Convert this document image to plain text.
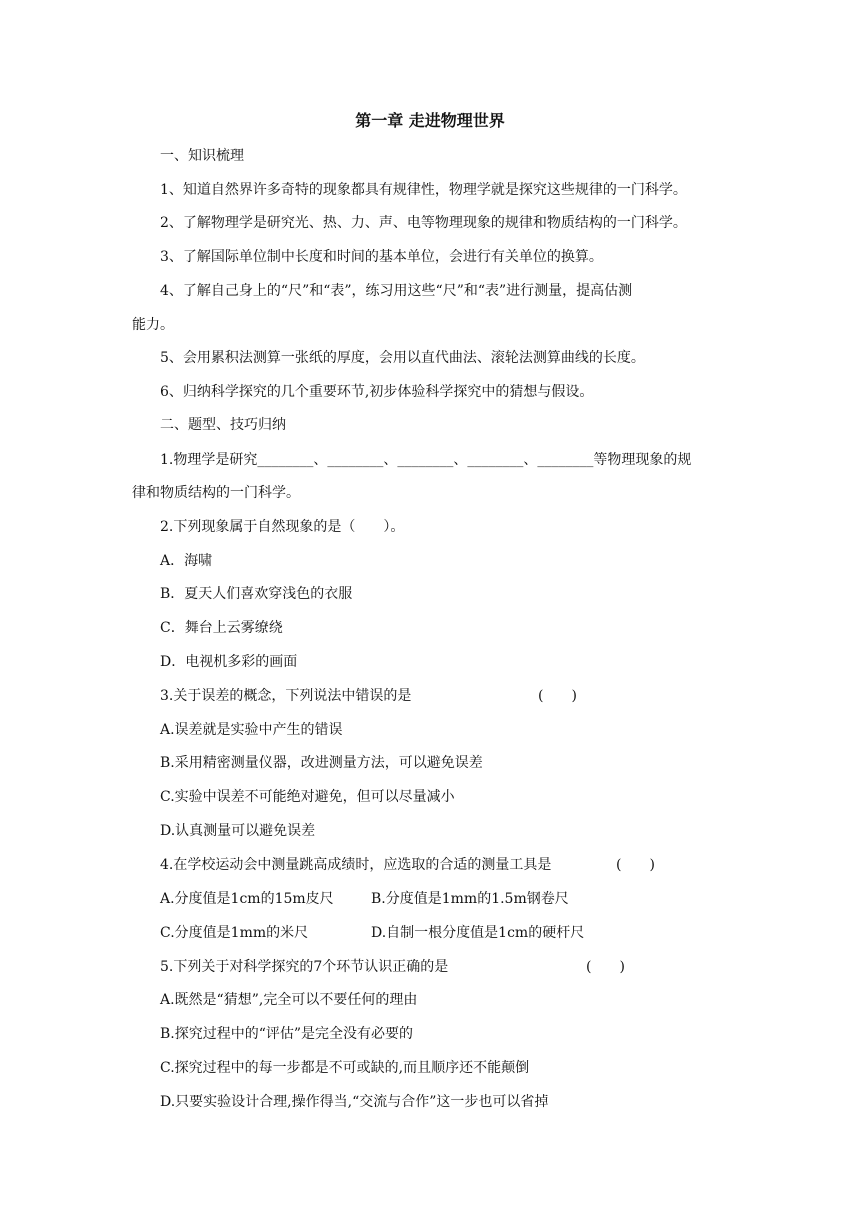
第一章 走进物理世界
一、知识梳理
1、知道自然界许多奇特的现象都具有规律性，物理学就是探究这些规律的一门科学。
2、了解物理学是研究光、热、力、声、电等物理现象的规律和物质结构的一门科学。
3、了解国际单位制中长度和时间的基本单位，会进行有关单位的换算。
4、了解自己身上的“尺”和“表”，练习用这些“尺”和“表”进行测量，提高估测
能力。
5、会用累积法测算一张纸的厚度，会用以直代曲法、滚轮法测算曲线的长度。
6、归纳科学探究的几个重要环节,初步体验科学探究中的猜想与假设。
二、题型、技巧归纳
1.物理学是研究________、________、________、________、________等物理现象的规
律和物质结构的一门科学。
2.下列现象属于自然现象的是（　　）。
A．海啸
B．夏天人们喜欢穿浅色的衣服
C．舞台上云雾缭绕
D．电视机多彩的画面
3.关于误差的概念，下列说法中错误的是	(　　)
A.误差就是实验中产生的错误
B.采用精密测量仪器，改进测量方法，可以避免误差
C.实验中误差不可能绝对避免，但可以尽量减小
D.认真测量可以避免误差
4.在学校运动会中测量跳高成绩时，应选取的合适的测量工具是	(　　)
A.分度值是1cm的15m皮尺	B.分度值是1mm的1.5m钢卷尺
C.分度值是1mm的米尺	D.自制一根分度值是1cm的硬杆尺
5.下列关于对科学探究的7个环节认识正确的是	(　　)
A.既然是“猜想”,完全可以不要任何的理由
B.探究过程中的“评估”是完全没有必要的
C.探究过程中的每一步都是不可或缺的,而且顺序还不能颠倒
D.只要实验设计合理,操作得当,“交流与合作”这一步也可以省掉
